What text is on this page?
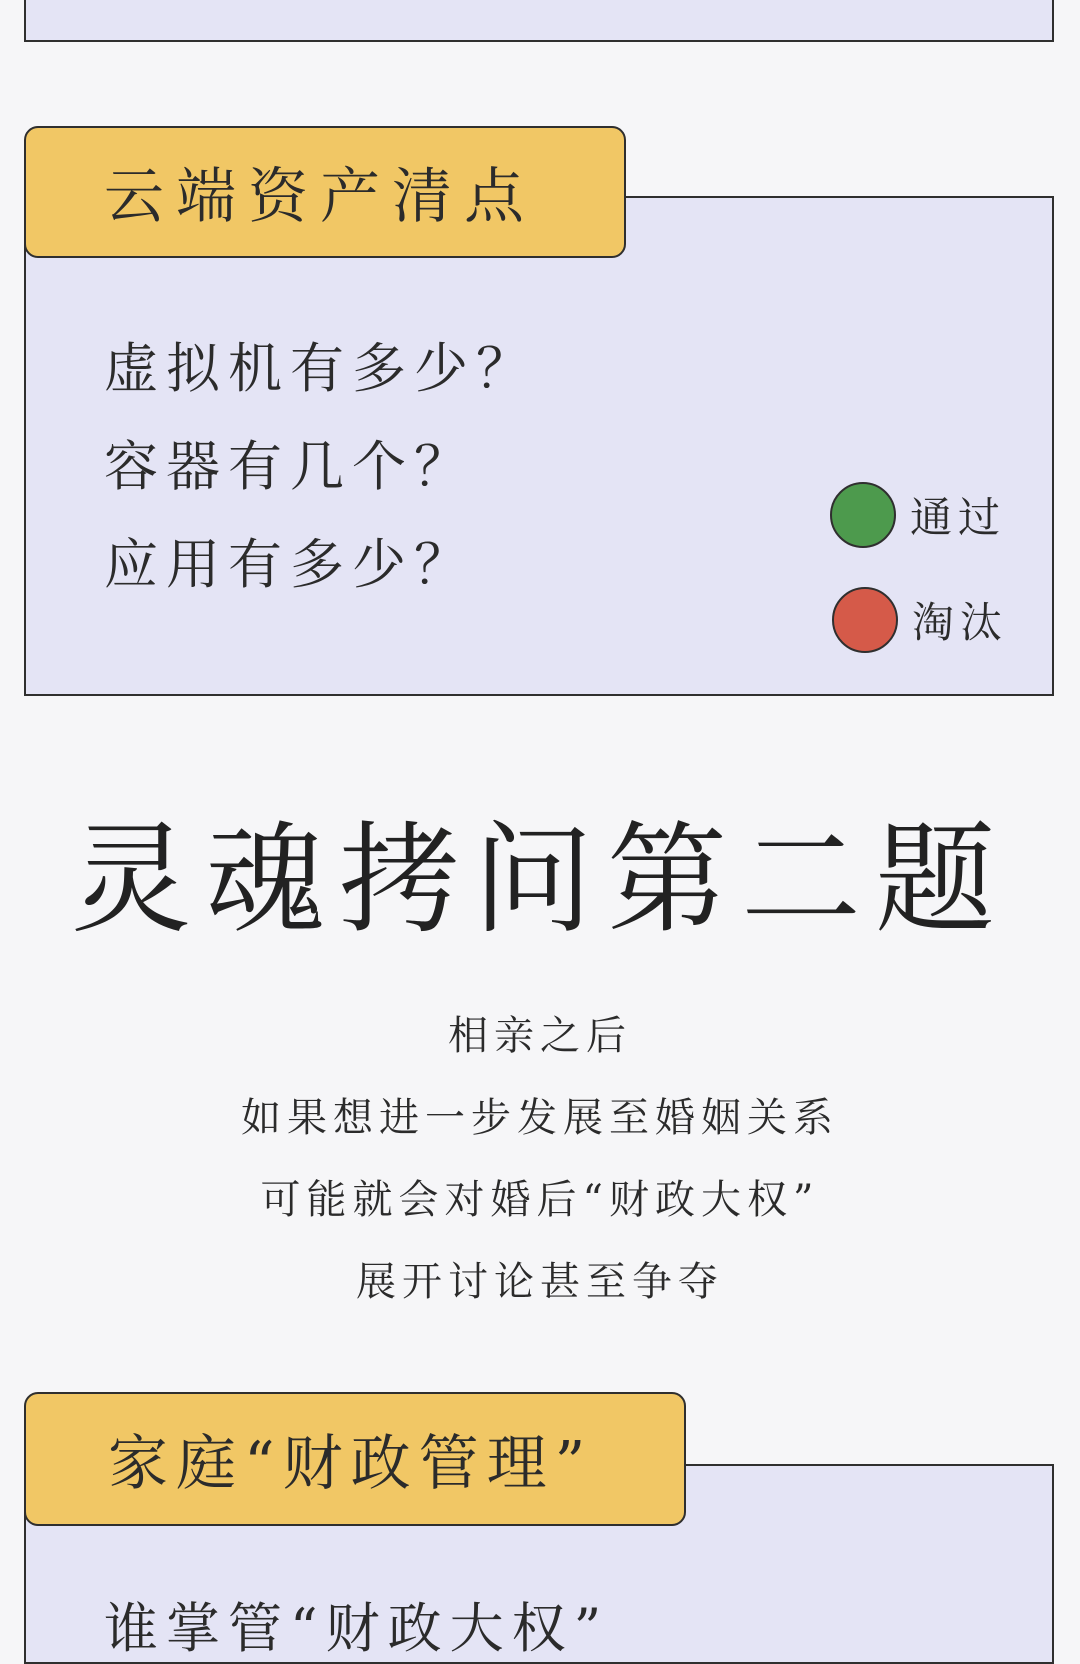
云端资产清点
虚拟机有多少？
容器有几个？
应用有多少？
通过
淘汰
灵魂拷问第二题
相亲之后
如果想进一步发展至婚姻关系
可能就会对婚后“财政大权”
展开讨论甚至争夺
家庭“财政管理”
谁掌管“财政大权”
